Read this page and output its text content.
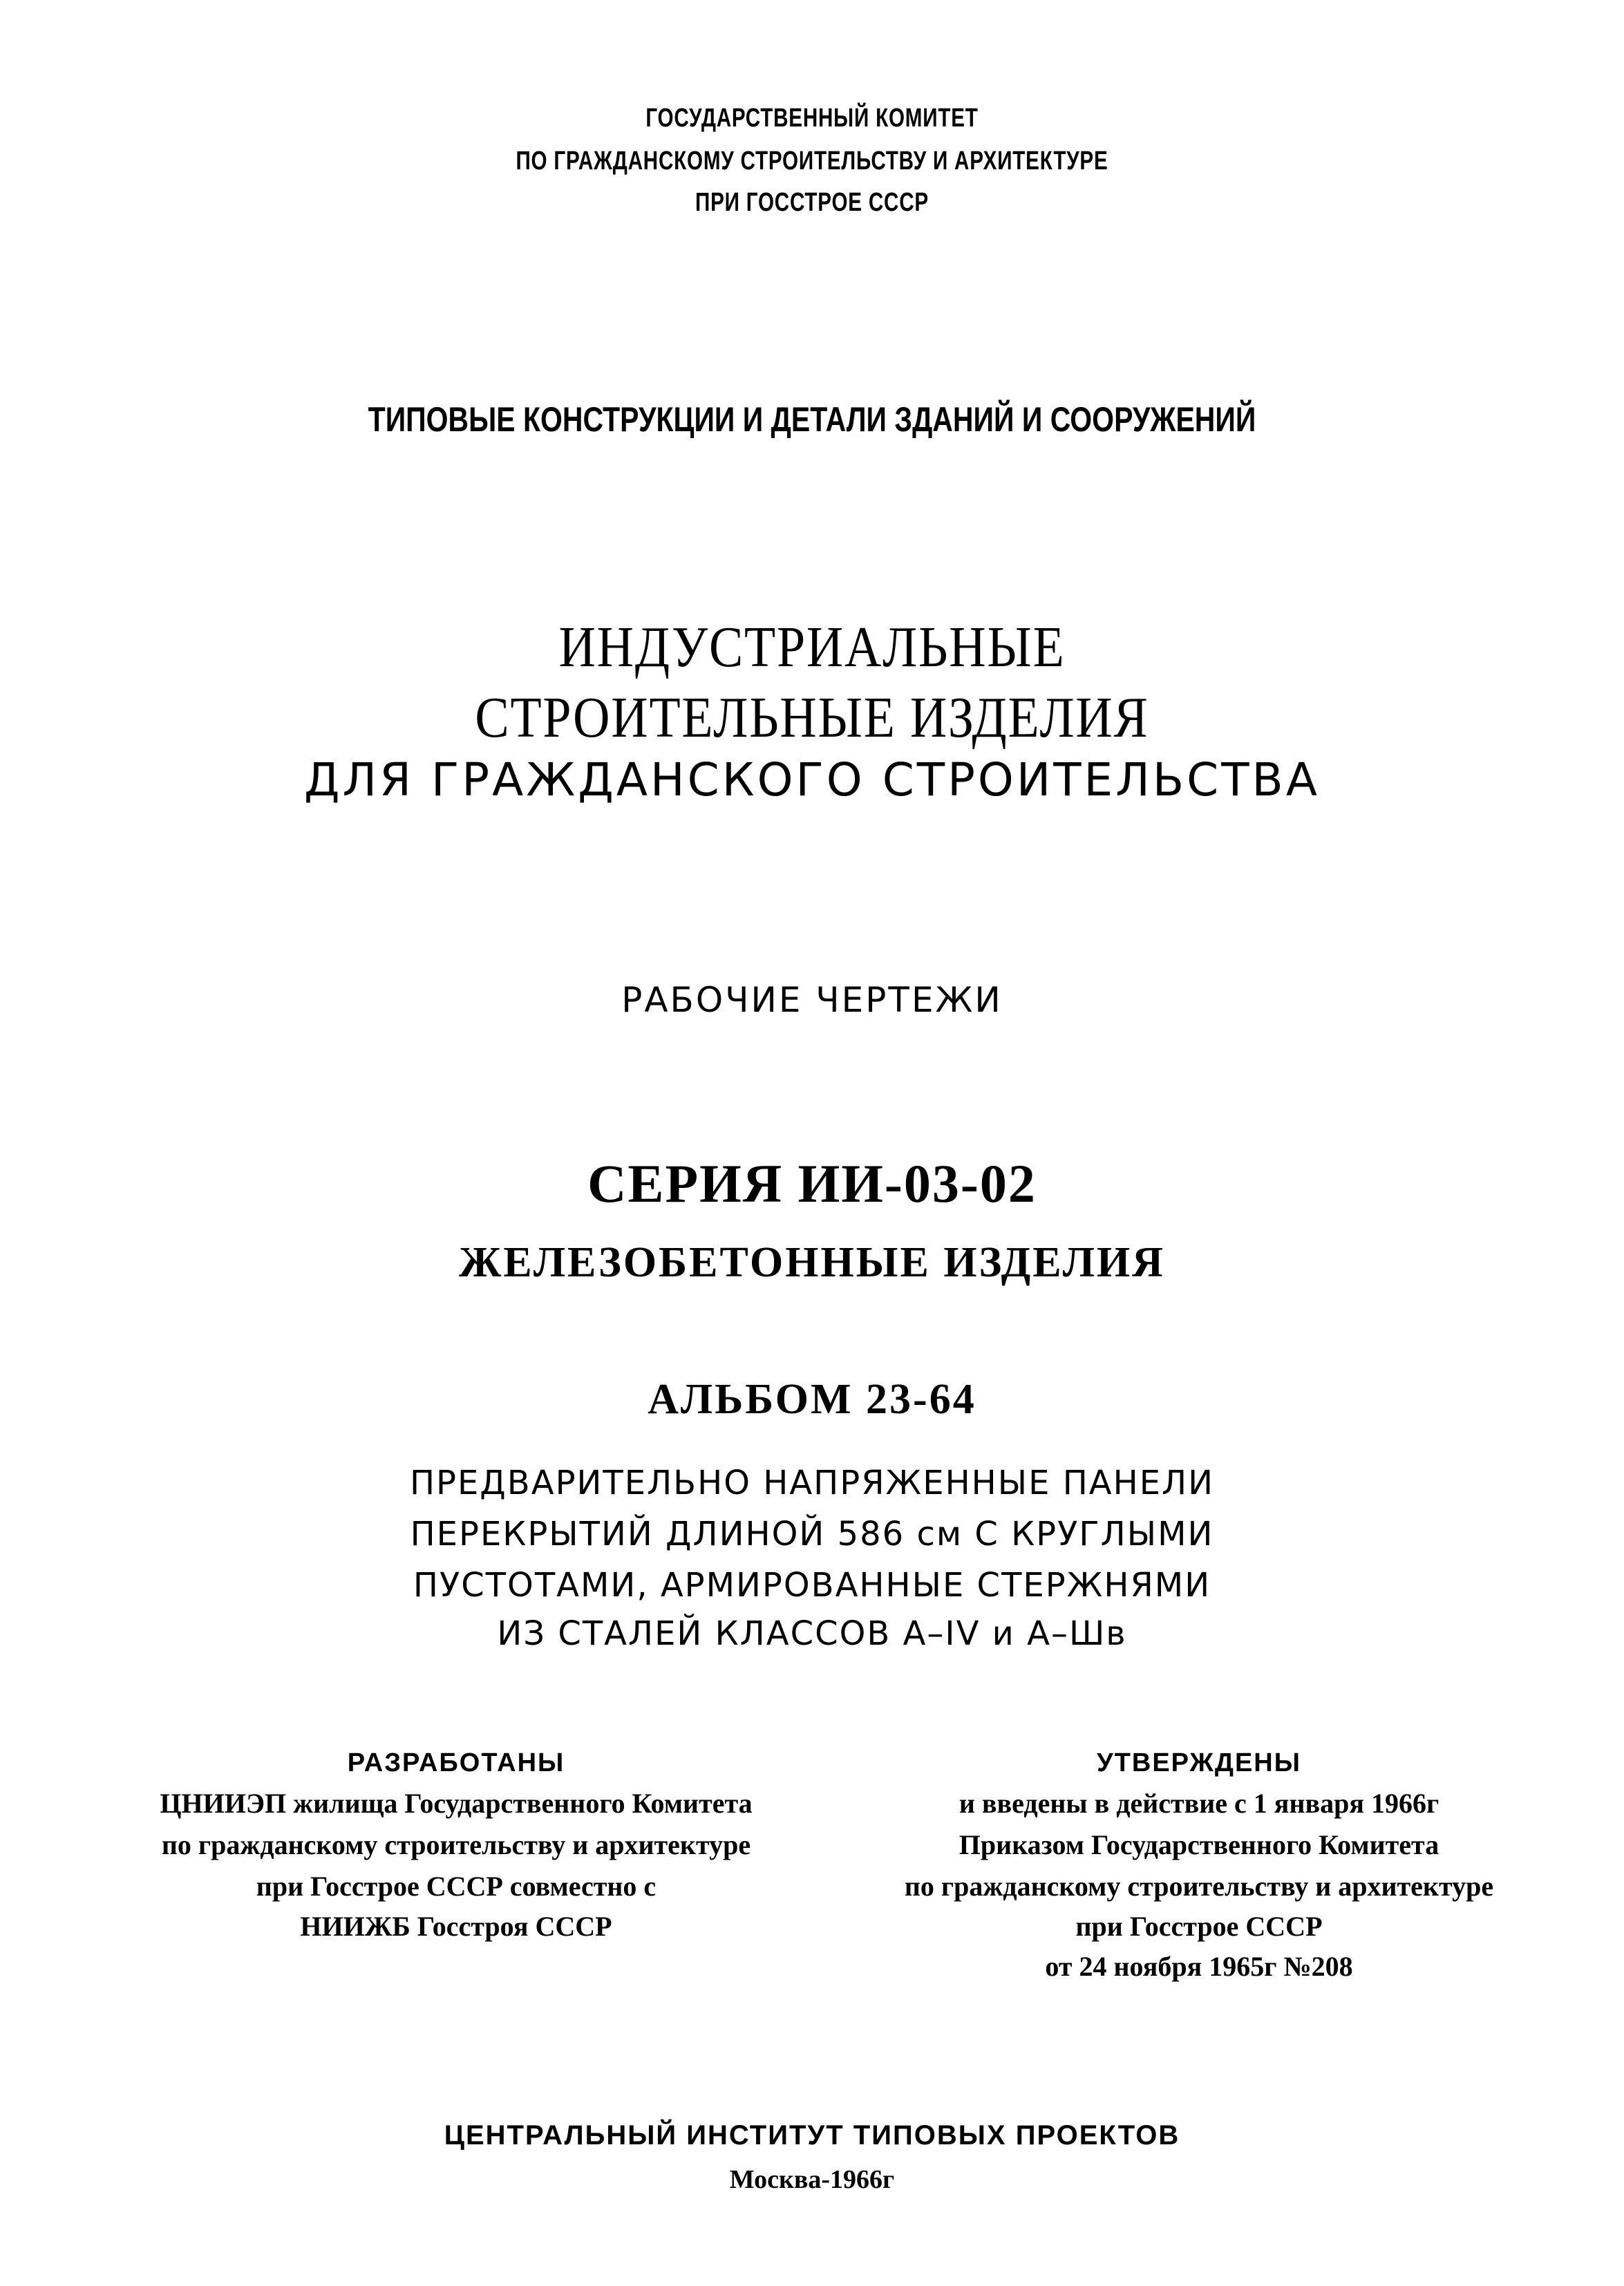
ГОСУДАРСТВЕННЫЙ КОМИТЕТ
ПО ГРАЖДАНСКОМУ СТРОИТЕЛЬСТВУ И АРХИТЕКТУРЕ
ПРИ ГОССТРОЕ СССР
ТИПОВЫЕ КОНСТРУКЦИИ И ДЕТАЛИ ЗДАНИЙ И СООРУЖЕНИЙ
ИНДУСТРИАЛЬНЫЕ
СТРОИТЕЛЬНЫЕ ИЗДЕЛИЯ
ДЛЯ ГРАЖДАНСКОГО СТРОИТЕЛЬСТВА
РАБОЧИЕ ЧЕРТЕЖИ
СЕРИЯ ИИ-03-02
ЖЕЛЕЗОБЕТОННЫЕ ИЗДЕЛИЯ
АЛЬБОМ 23-64
ПРЕДВАРИТЕЛЬНО НАПРЯЖЕННЫЕ ПАНЕЛИ
ПЕРЕКРЫТИЙ ДЛИНОЙ 586 см С КРУГЛЫМИ
ПУСТОТАМИ, АРМИРОВАННЫЕ СТЕРЖНЯМИ
ИЗ СТАЛЕЙ КЛАССОВ А–IV и А–Шв
РАЗРАБОТАНЫ
ЦНИИЭП жилища Государственного Комитета
по гражданскому строительству и архитектуре
при Госстрое СССР совместно с
НИИЖБ Госстроя СССР
УТВЕРЖДЕНЫ
и введены в действие с 1 января 1966г
Приказом Государственного Комитета
по гражданскому строительству и архитектуре
при Госстрое СССР
от 24 ноября 1965г №208
ЦЕНТРАЛЬНЫЙ ИНСТИТУТ ТИПОВЫХ ПРОЕКТОВ
Москва-1966г
